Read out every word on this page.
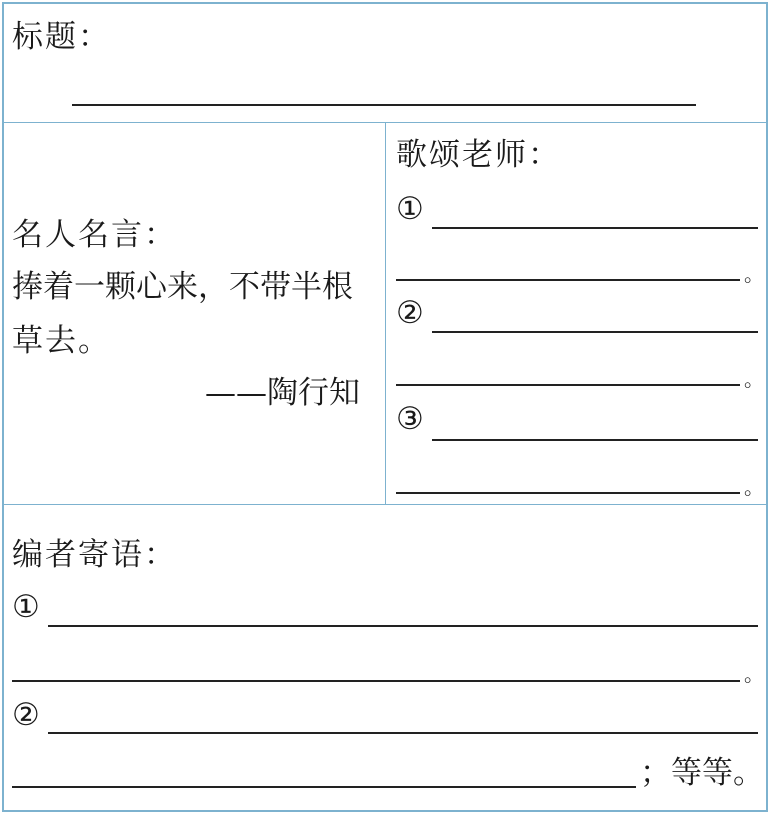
标题：
名人名言：
捧着一颗心来，不带半根
草去。
——陶行知
歌颂老师：
①
。
②
。
③
。
编者寄语：
①
。
②
；等等。
